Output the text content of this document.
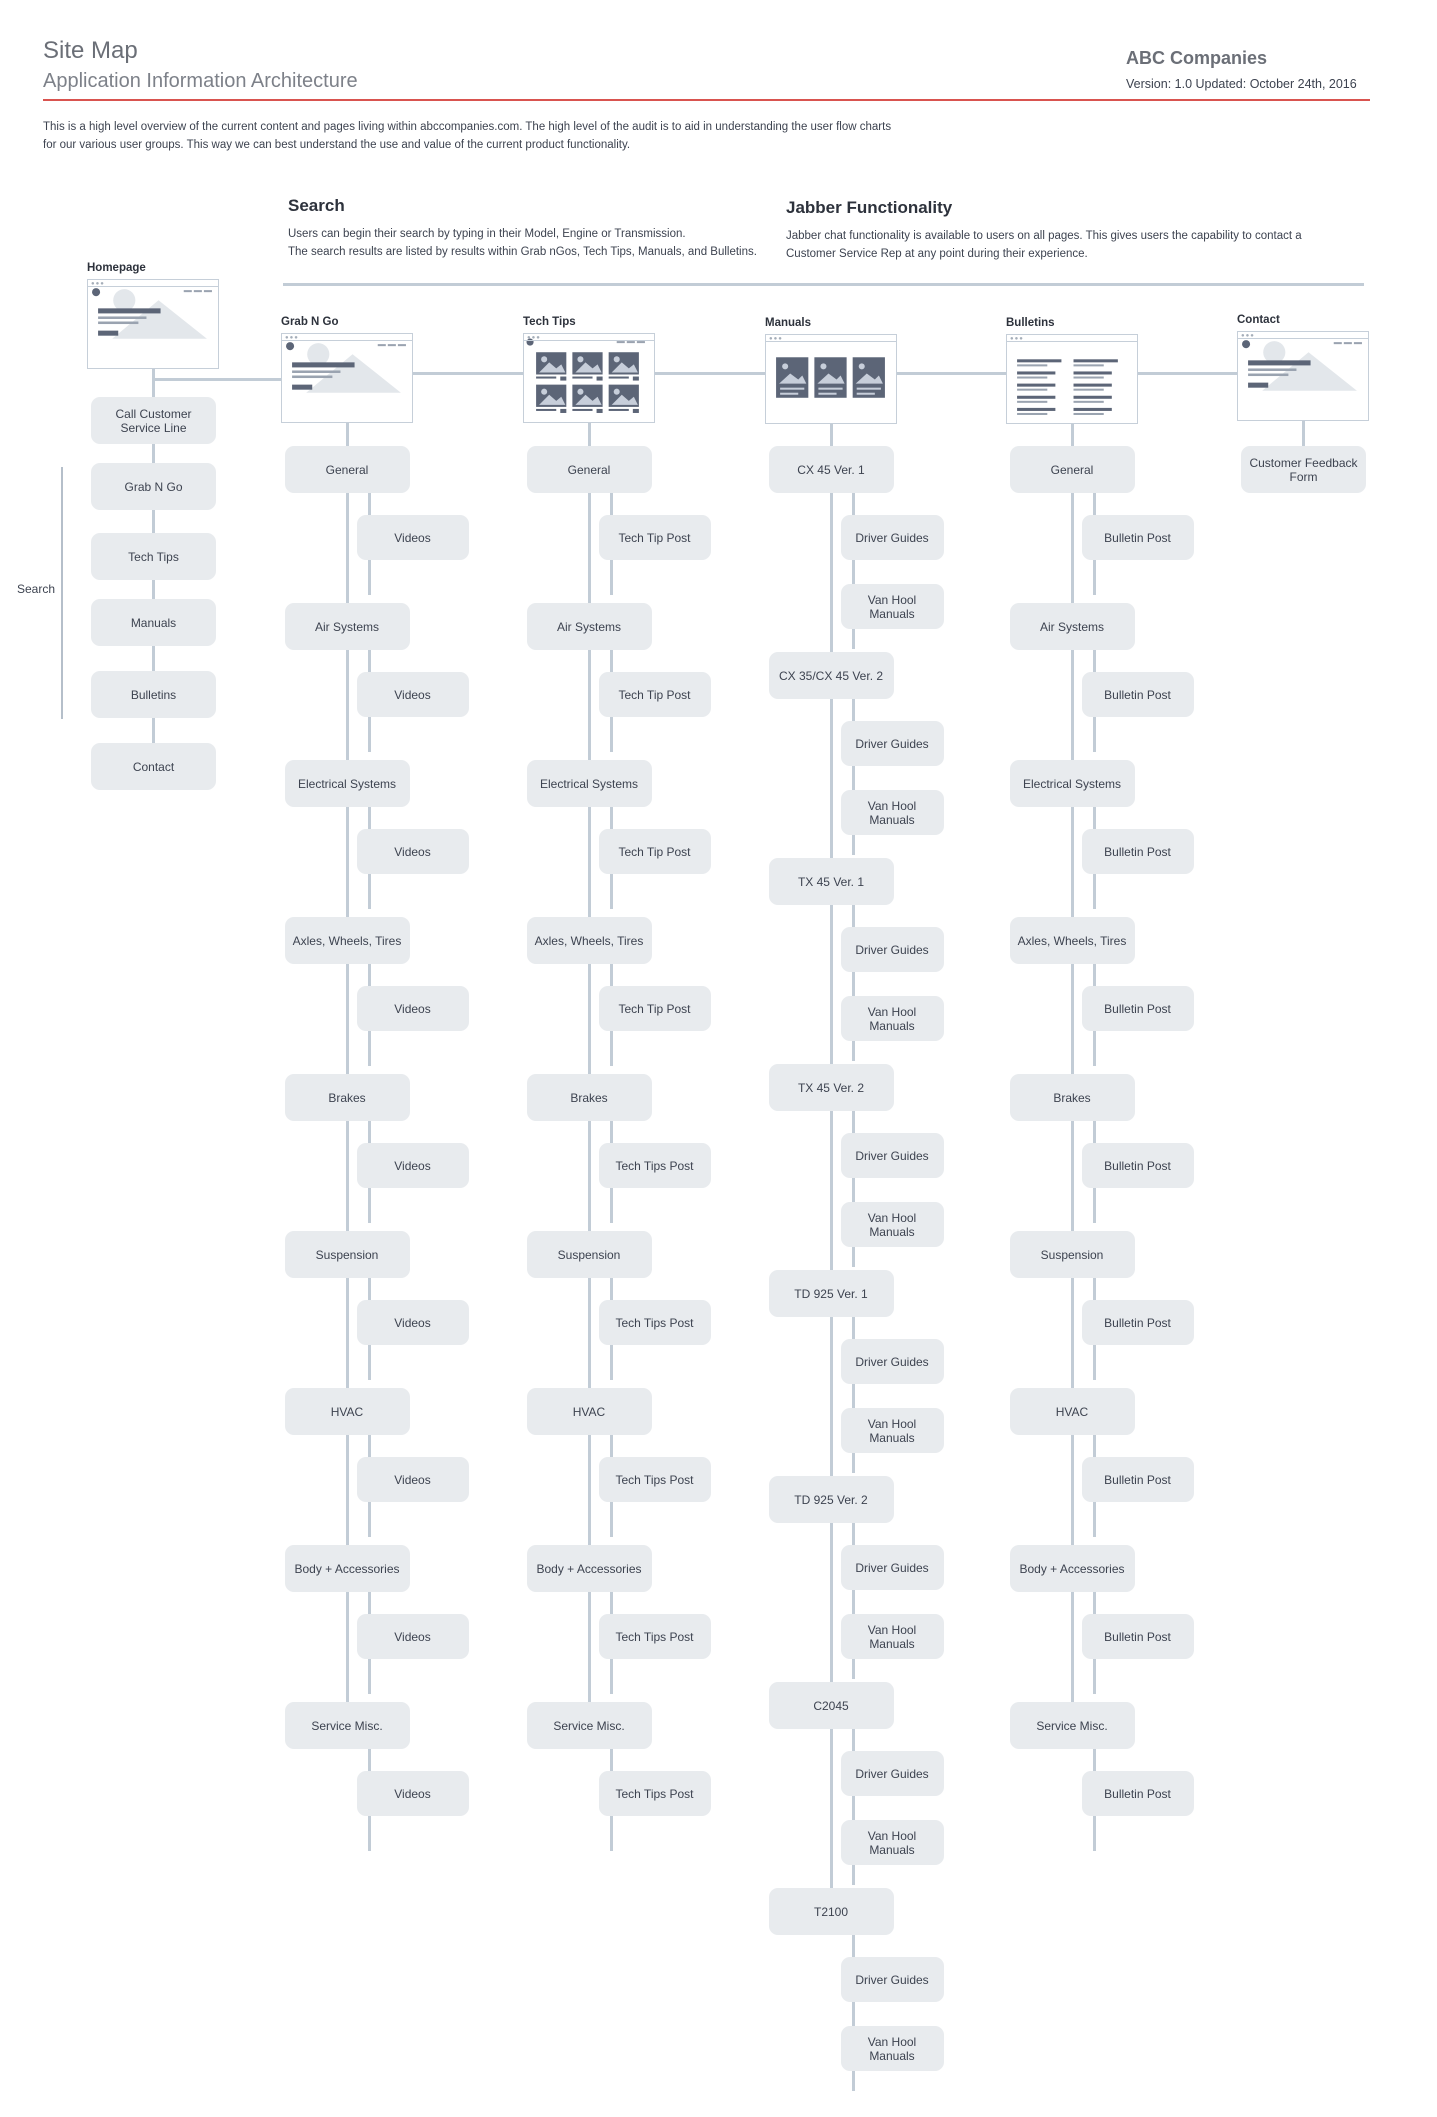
Site Map
Application Information Architecture
ABC Companies
Version: 1.0 Updated: October 24th, 2016
This is a high level overview of the current content and pages living within abccompanies.com. The high level of the audit is to aid in understanding the user flow charts
for our various user groups. This way we can best understand the use and value of the current product functionality.
Search
Users can begin their search by typing in their Model, Engine or Transmission.
The search results are listed by results within Grab nGos, Tech Tips, Manuals, and Bulletins.
Jabber Functionality
Jabber chat functionality is available to users on all pages. This gives users the capability to contact a
Customer Service Rep at any point during their experience.
Search
Homepage
●●●
Call Customer Service Line
Grab N Go
Tech Tips
Manuals
Bulletins
Contact
Grab N Go
●●●
General
Videos
Air Systems
Videos
Electrical Systems
Videos
Axles, Wheels, Tires
Videos
Brakes
Videos
Suspension
Videos
HVAC
Videos
Body + Accessories
Videos
Service Misc.
Videos
Tech Tips
●●●
General
Tech Tip Post
Air Systems
Tech Tip Post
Electrical Systems
Tech Tip Post
Axles, Wheels, Tires
Tech Tip Post
Brakes
Tech Tips Post
Suspension
Tech Tips Post
HVAC
Tech Tips Post
Body + Accessories
Tech Tips Post
Service Misc.
Tech Tips Post
Manuals
●●●
CX 45 Ver. 1
Driver Guides
Van Hool Manuals
CX 35/CX 45 Ver. 2
Driver Guides
Van Hool Manuals
TX 45 Ver. 1
Driver Guides
Van Hool Manuals
TX 45 Ver. 2
Driver Guides
Van Hool Manuals
TD 925 Ver. 1
Driver Guides
Van Hool Manuals
TD 925 Ver. 2
Driver Guides
Van Hool Manuals
C2045
Driver Guides
Van Hool Manuals
T2100
Driver Guides
Van Hool Manuals
Bulletins
●●●
General
Bulletin Post
Air Systems
Bulletin Post
Electrical Systems
Bulletin Post
Axles, Wheels, Tires
Bulletin Post
Brakes
Bulletin Post
Suspension
Bulletin Post
HVAC
Bulletin Post
Body + Accessories
Bulletin Post
Service Misc.
Bulletin Post
Contact
●●●
Customer Feedback Form
